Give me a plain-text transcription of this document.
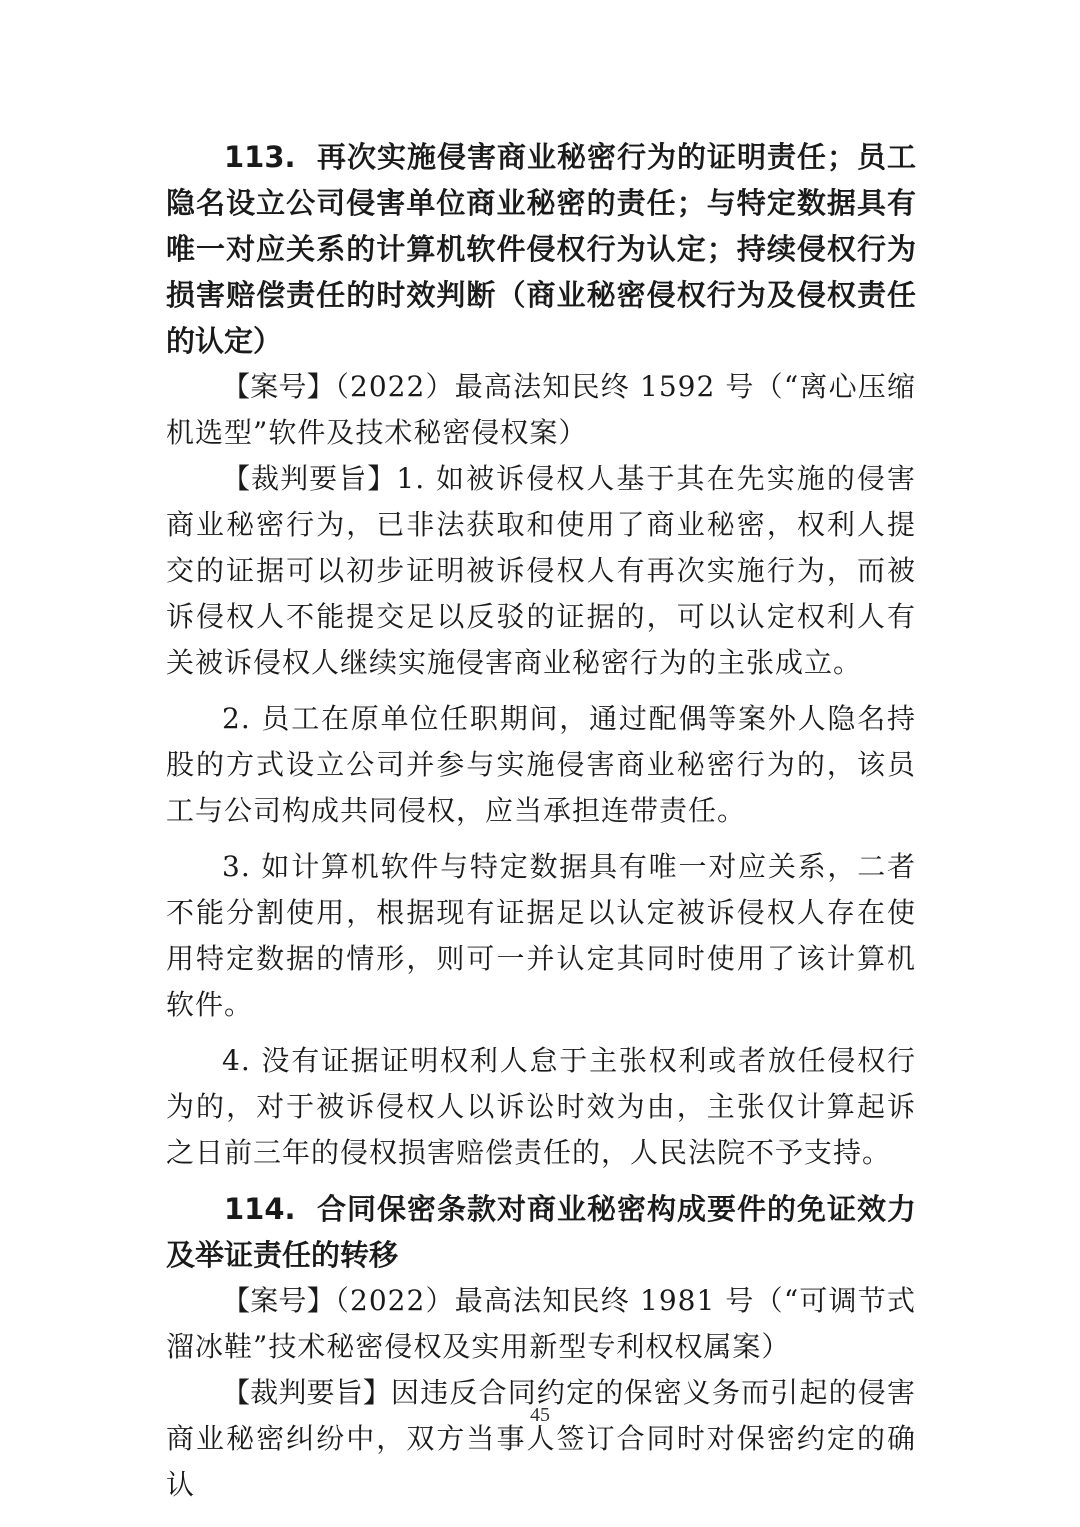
113. 再次实施侵害商业秘密行为的证明责任；员工隐名设立公司侵害单位商业秘密的责任；与特定数据具有唯一对应关系的计算机软件侵权行为认定；持续侵权行为损害赔偿责任的时效判断（商业秘密侵权行为及侵权责任的认定）

【案号】（2022）最高法知民终 1592 号（“离心压缩机选型”软件及技术秘密侵权案）

【裁判要旨】1. 如被诉侵权人基于其在先实施的侵害商业秘密行为，已非法获取和使用了商业秘密，权利人提交的证据可以初步证明被诉侵权人有再次实施行为，而被诉侵权人不能提交足以反驳的证据的，可以认定权利人有关被诉侵权人继续实施侵害商业秘密行为的主张成立。

2. 员工在原单位任职期间，通过配偶等案外人隐名持股的方式设立公司并参与实施侵害商业秘密行为的，该员工与公司构成共同侵权，应当承担连带责任。

3. 如计算机软件与特定数据具有唯一对应关系，二者不能分割使用，根据现有证据足以认定被诉侵权人存在使用特定数据的情形，则可一并认定其同时使用了该计算机软件。

4. 没有证据证明权利人怠于主张权利或者放任侵权行为的，对于被诉侵权人以诉讼时效为由，主张仅计算起诉之日前三年的侵权损害赔偿责任的，人民法院不予支持。

114. 合同保密条款对商业秘密构成要件的免证效力及举证责任的转移

【案号】（2022）最高法知民终 1981 号（“可调节式溜冰鞋”技术秘密侵权及实用新型专利权权属案）

【裁判要旨】因违反合同约定的保密义务而引起的侵害商业秘密纠纷中，双方当事人签订合同时对保密约定的确认

45
